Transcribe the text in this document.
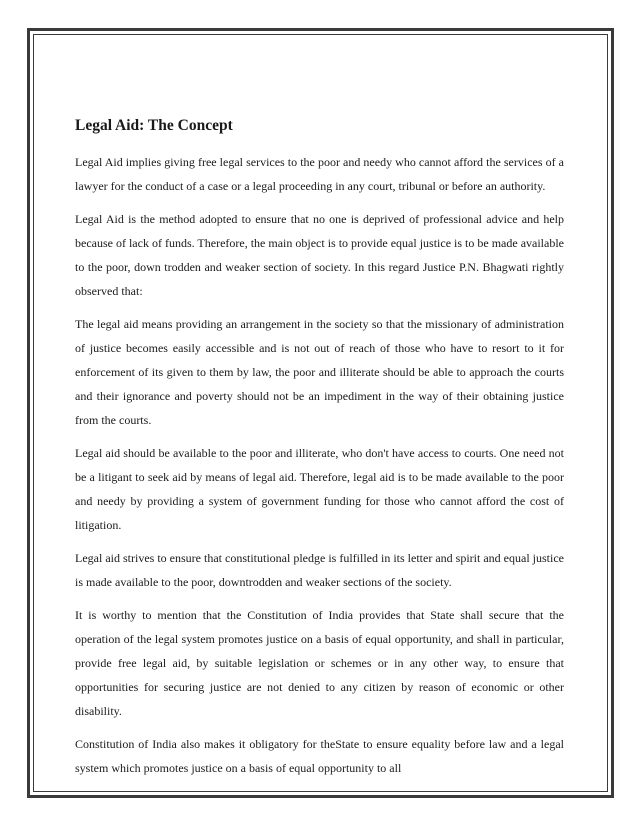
Legal Aid: The Concept

Legal Aid implies giving free legal services to the poor and needy who cannot afford the services of a lawyer for the conduct of a case or a legal proceeding in any court, tribunal or before an authority.

Legal Aid is the method adopted to ensure that no one is deprived of professional advice and help because of lack of funds. Therefore, the main object is to provide equal justice is to be made available to the poor, down trodden and weaker section of society. In this regard Justice P.N. Bhagwati rightly observed that:

The legal aid means providing an arrangement in the society so that the missionary of administration of justice becomes easily accessible and is not out of reach of those who have to resort to it for enforcement of its given to them by law, the poor and illiterate should be able to approach the courts and their ignorance and poverty should not be an impediment in the way of their obtaining justice from the courts.

Legal aid should be available to the poor and illiterate, who don't have access to courts. One need not be a litigant to seek aid by means of legal aid. Therefore, legal aid is to be made available to the poor and needy by providing a system of government funding for those who cannot afford the cost of litigation.

Legal aid strives to ensure that constitutional pledge is fulfilled in its letter and spirit and equal justice is made available to the poor, downtrodden and weaker sections of the society.

It is worthy to mention that the Constitution of India provides that State shall secure that the operation of the legal system promotes justice on a basis of equal opportunity, and shall in particular, provide free legal aid, by suitable legislation or schemes or in any other way, to ensure that opportunities for securing justice are not denied to any citizen by reason of economic or other disability.

Constitution of India also makes it obligatory for theState to ensure equality before law and a legal system which promotes justice on a basis of equal opportunity to all
